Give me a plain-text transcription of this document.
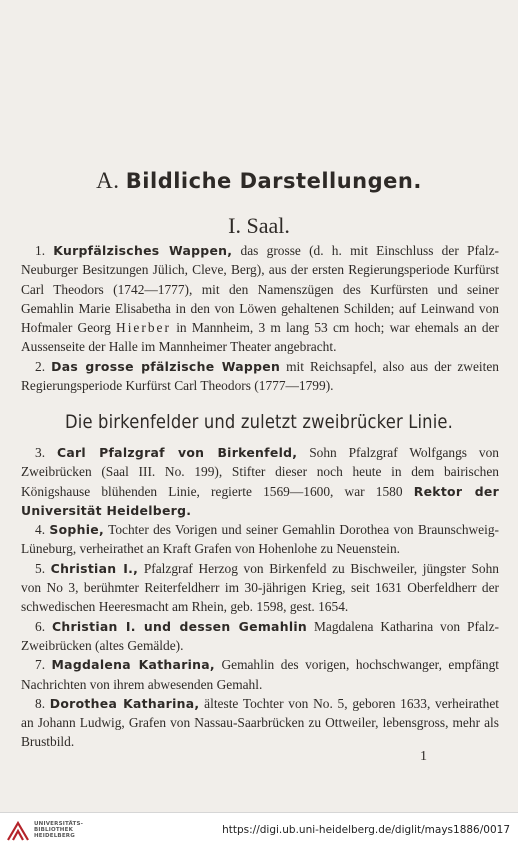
A. Bildliche Darstellungen.
I. Saal.

1. Kurpfälzisches Wappen, das grosse (d. h. mit Einschluss der Pfalz-Neuburger Besitzungen Jülich, Cleve, Berg), aus der ersten Regierungsperiode Kurfürst Carl Theodors (1742—1777), mit den Namenszügen des Kurfürsten und seiner Gemahlin Marie Elisabetha in den von Löwen gehaltenen Schilden; auf Leinwand von Hofmaler Georg Hierber in Mannheim, 3 m lang 53 cm hoch; war ehemals an der Aussenseite der Halle im Mannheimer Theater angebracht.

2. Das grosse pfälzische Wappen mit Reichsapfel, also aus der zweiten Regierungsperiode Kurfürst Carl Theodors (1777—1799).

Die birkenfelder und zuletzt zweibrücker Linie.

3. Carl Pfalzgraf von Birkenfeld, Sohn Pfalzgraf Wolfgangs von Zweibrücken (Saal III. No. 199), Stifter dieser noch heute in dem bairischen Königshause blühenden Linie, regierte 1569—1600, war 1580 Rektor der Universität Heidelberg.

4. Sophie, Tochter des Vorigen und seiner Gemahlin Dorothea von Braunschweig-Lüneburg, verheirathet an Kraft Grafen von Hohenlohe zu Neuenstein.

5. Christian I., Pfalzgraf Herzog von Birkenfeld zu Bischweiler, jüngster Sohn von No 3, berühmter Reiterfeldherr im 30-jährigen Krieg, seit 1631 Oberfeldherr der schwedischen Heeresmacht am Rhein, geb. 1598, gest. 1654.

6. Christian I. und dessen Gemahlin Magdalena Katharina von Pfalz-Zweibrücken (altes Gemälde).

7. Magdalena Katharina, Gemahlin des vorigen, hochschwanger, empfängt Nachrichten von ihrem abwesenden Gemahl.

8. Dorothea Katharina, älteste Tochter von No. 5, geboren 1633, verheirathet an Johann Ludwig, Grafen von Nassau-Saarbrücken zu Ottweiler, lebensgross, mehr als Brustbild.

1
UNIVERSITÄTS-
BIBLIOTHEK
HEIDELBERG
https://digi.ub.uni-heidelberg.de/diglit/mays1886/0017
